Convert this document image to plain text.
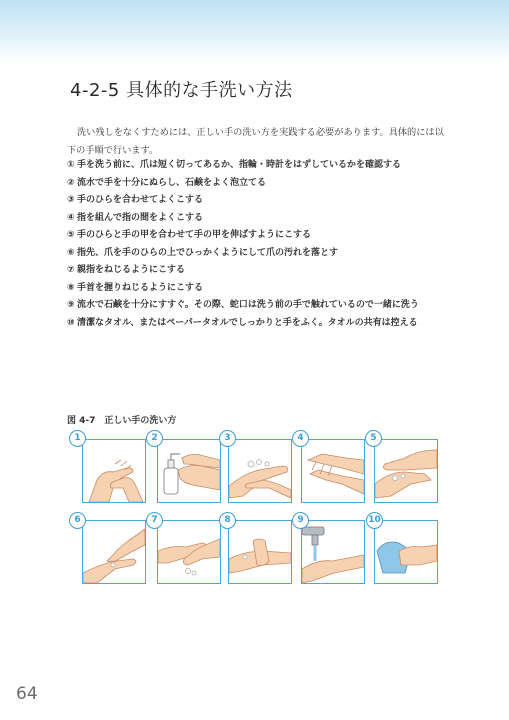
4-2-5 具体的な手洗い方法
洗い残しをなくすためには、正しい手の洗い方を実践する必要があります。具体的には以下の手順で行います。
① 手を洗う前に、爪は短く切ってあるか、指輪・時計をはずしているかを確認する
② 流水で手を十分にぬらし、石鹸をよく泡立てる
③ 手のひらを合わせてよくこする
④ 指を組んで指の間をよくこする
⑤ 手のひらと手の甲を合わせて手の甲を伸ばすようにこする
⑥ 指先、爪を手のひらの上でひっかくようにして爪の汚れを落とす
⑦ 親指をねじるようにこする
⑧ 手首を握りねじるようにこする
⑨ 流水で石鹸を十分にすすぐ。その際、蛇口は洗う前の手で触れているので一緒に洗う
⑩ 清潔なタオル、またはペーパータオルでしっかりと手をふく。タオルの共有は控える
図 4-7　正しい手の洗い方
1	2	3	4	5
6	7	8	9	10
64
